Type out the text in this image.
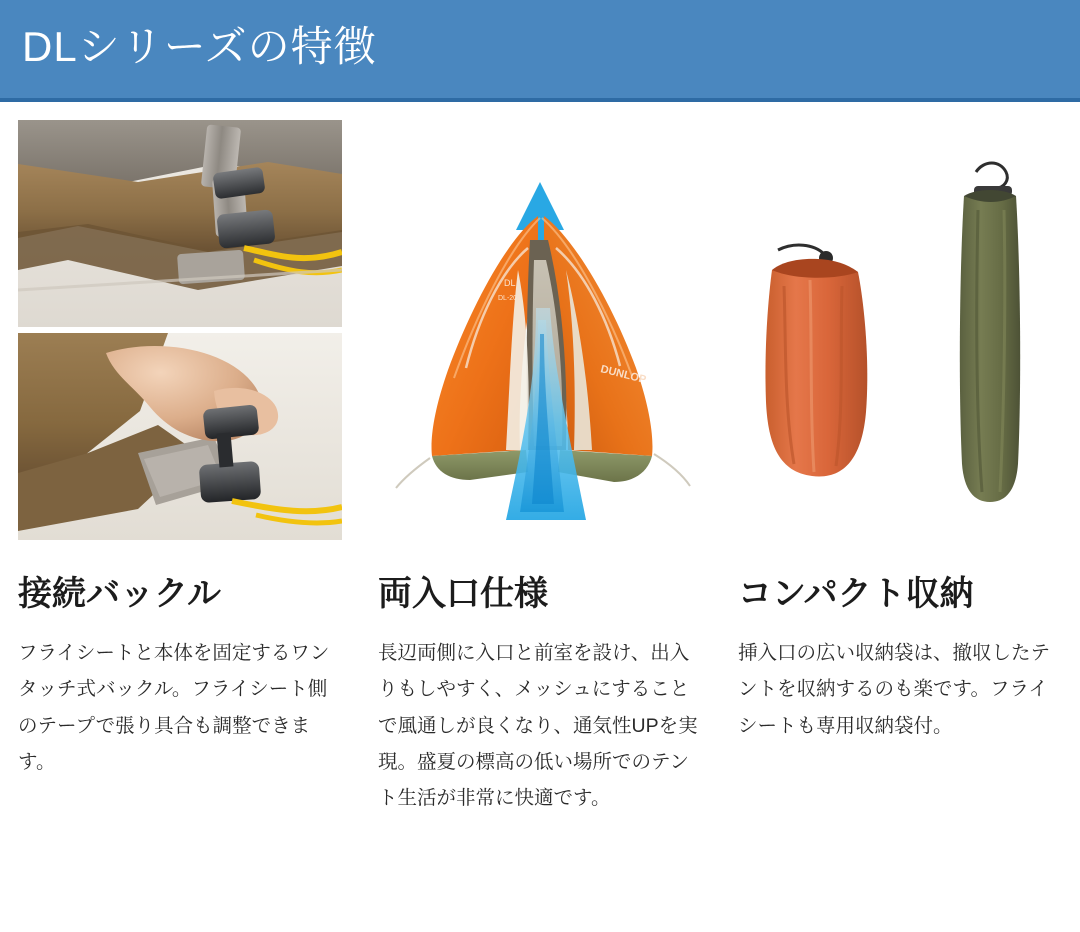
DLシリーズの特徴
接続バックル
フライシートと本体を固定するワンタッチ式バックル。フライシート側のテープで張り具合も調整できます。
DL
DL-201
DUNLOP
両入口仕様
長辺両側に入口と前室を設け、出入りもしやすく、メッシュにすることで風通しが良くなり、通気性UPを実現。盛夏の標高の低い場所でのテント生活が非常に快適です。
コンパクト収納
挿入口の広い収納袋は、撤収したテントを収納するのも楽です。フライシートも専用収納袋付。
